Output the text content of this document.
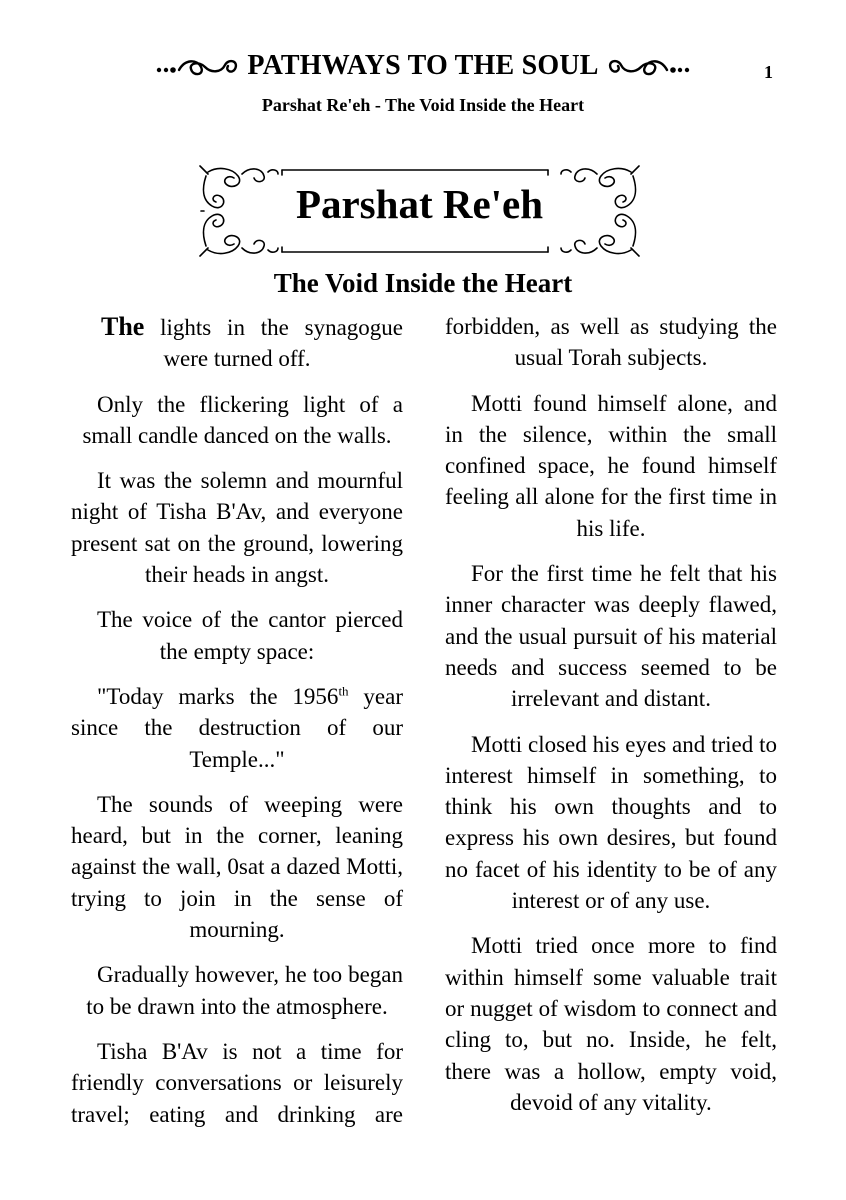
PATHWAYS TO THE SOUL	1
Parshat Re'eh - The Void Inside the Heart
Parshat Re'eh
The Void Inside the Heart

The lights in the synagogue were turned off.

Only the flickering light of a small candle danced on the walls.

It was the solemn and mournful night of Tisha B'Av, and everyone present sat on the ground, lowering their heads in angst.

The voice of the cantor pierced the empty space:

"Today marks the 1956th year since the destruction of our Temple..."

The sounds of weeping were heard, but in the corner, leaning against the wall, 0sat a dazed Motti, trying to join in the sense of mourning.

Gradually however, he too began to be drawn into the atmosphere.

Tisha B'Av is not a time for friendly conversations or leisurely travel; eating and drinking are

forbidden, as well as studying the usual Torah subjects.

Motti found himself alone, and in the silence, within the small confined space, he found himself feeling all alone for the first time in his life.

For the first time he felt that his inner character was deeply flawed, and the usual pursuit of his material needs and success seemed to be irrelevant and distant.

Motti closed his eyes and tried to interest himself in something, to think his own thoughts and to express his own desires, but found no facet of his identity to be of any interest or of any use.

Motti tried once more to find within himself some valuable trait or nugget of wisdom to connect and cling to, but no. Inside, he felt, there was a hollow, empty void, devoid of any vitality.
